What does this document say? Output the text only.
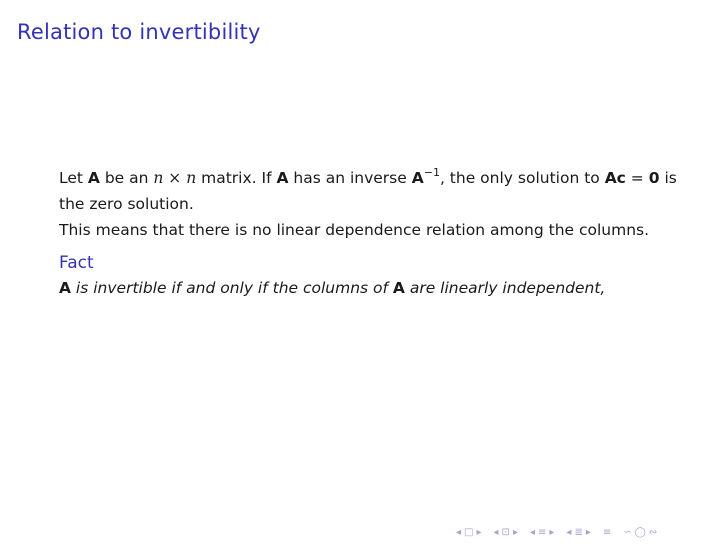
Relation to invertibility

Let A be an n × n matrix. If A has an inverse $A^{-1}$, the only solution to Ac = 0 is the zero solution.

This means that there is no linear dependence relation among the columns.

Fact
A is invertible if and only if the columns of A are linearly independent,
◂ □ ▸ ◂ ⊡ ▸ ◂ ≡ ▸ ◂ ≣ ▸ ≡ ∽ ◯ ∾
